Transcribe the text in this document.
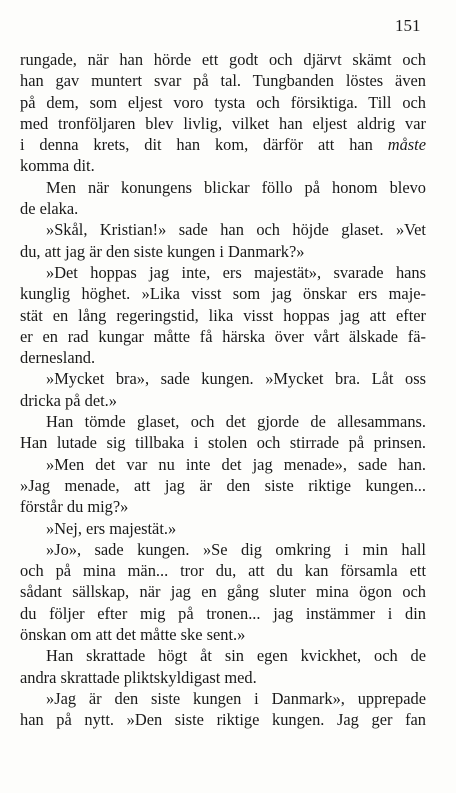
151
rungade, när han hörde ett godt och djärvt skämt och
han gav muntert svar på tal. Tungbanden löstes även
på dem, som eljest voro tysta och försiktiga. Till och
med tronföljaren blev livlig, vilket han eljest aldrig var
i denna krets, dit han kom, därför att han måste
komma dit.
Men när konungens blickar föllo på honom blevo
de elaka.
»Skål, Kristian!» sade han och höjde glaset. »Vet
du, att jag är den siste kungen i Danmark?»
»Det hoppas jag inte, ers majestät», svarade hans
kunglig höghet. »Lika visst som jag önskar ers maje-
stät en lång regeringstid, lika visst hoppas jag att efter
er en rad kungar måtte få härska över vårt älskade fä-
dernesland.
»Mycket bra», sade kungen. »Mycket bra. Låt oss
dricka på det.»
Han tömde glaset, och det gjorde de allesammans.
Han lutade sig tillbaka i stolen och stirrade på prinsen.
»Men det var nu inte det jag menade», sade han.
»Jag menade, att jag är den siste riktige kungen...
förstår du mig?»
»Nej, ers majestät.»
»Jo», sade kungen. »Se dig omkring i min hall
och på mina män... tror du, att du kan församla ett
sådant sällskap, när jag en gång sluter mina ögon och
du följer efter mig på tronen... jag instämmer i din
önskan om att det måtte ske sent.»
Han skrattade högt åt sin egen kvickhet, och de
andra skrattade pliktskyldigast med.
»Jag är den siste kungen i Danmark», upprepade
han på nytt. »Den siste riktige kungen. Jag ger fan
